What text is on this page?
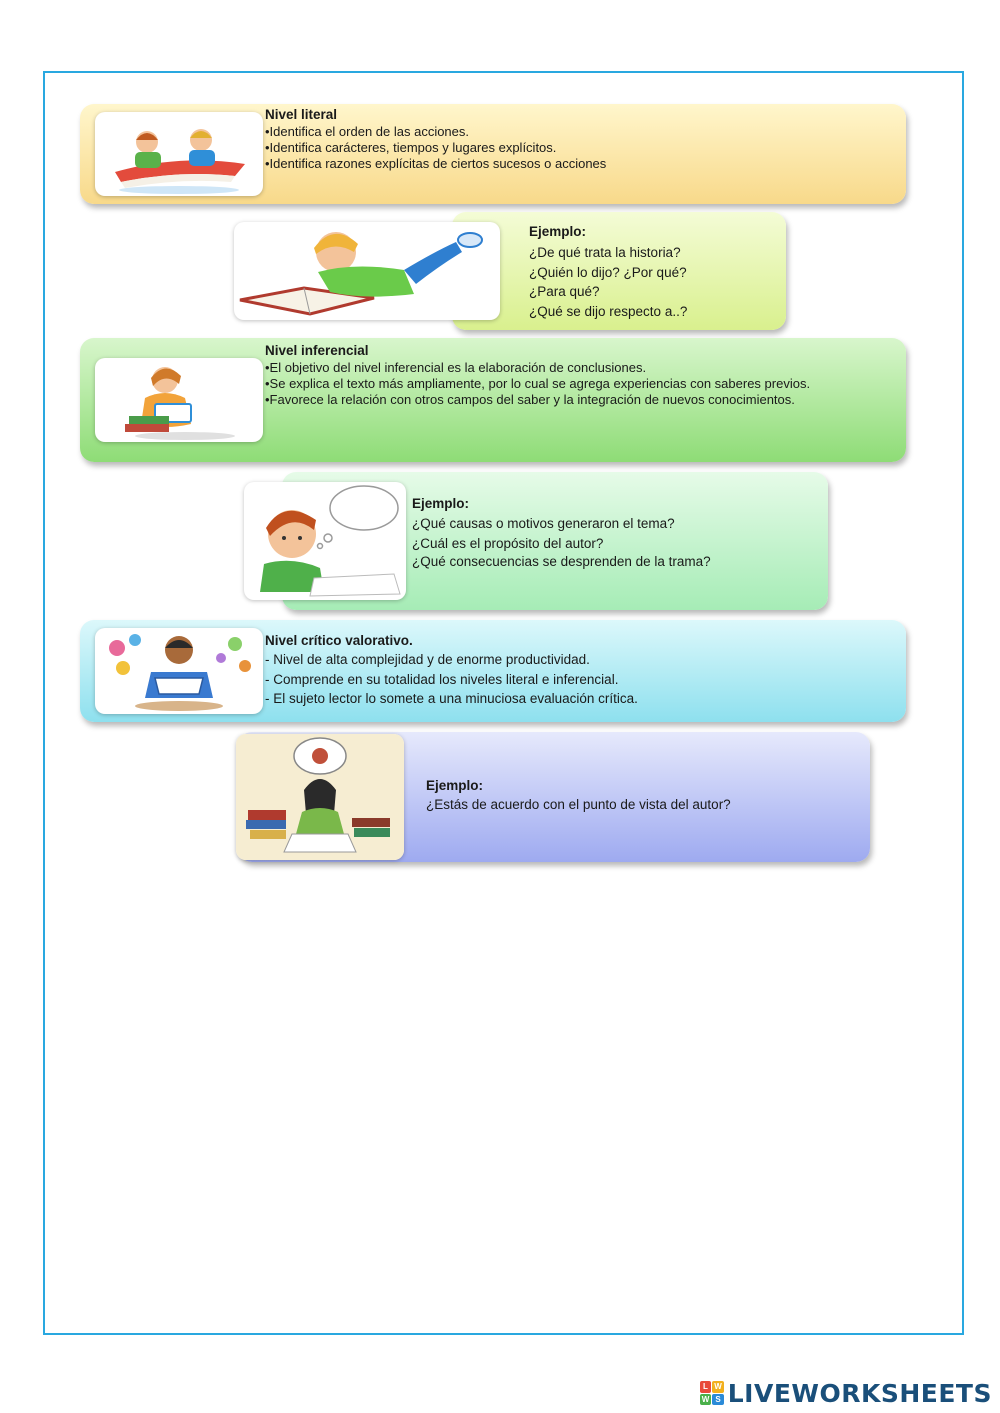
Nivel literal

•Identifica el orden de las acciones.
•Identifica carácteres, tiempos y lugares explícitos.
•Identifica razones explícitas de ciertos sucesos o acciones

Ejemplo:

¿De qué trata la historia?
¿Quién lo dijo? ¿Por qué?
¿Para qué?
¿Qué se dijo respecto a..?

Nivel inferencial

•El objetivo del nivel inferencial es la elaboración de conclusiones.
•Se explica el texto más ampliamente, por lo cual se agrega experiencias con saberes previos.
•Favorece la relación con otros campos del saber y la integración de nuevos conocimientos.

Ejemplo:

¿Qué causas o motivos generaron el tema?
¿Cuál es el propósito del autor?
¿Qué consecuencias se desprenden de la trama?

Nivel crítico valorativo.

- Nivel de alta complejidad y de enorme productividad.
- Comprende en su totalidad los niveles literal e inferencial.
- El sujeto lector lo somete a una minuciosa evaluación crítica.

Ejemplo:

¿Estás de acuerdo con el punto de vista del autor?
L W
W S LIVEWORKSHEETS
